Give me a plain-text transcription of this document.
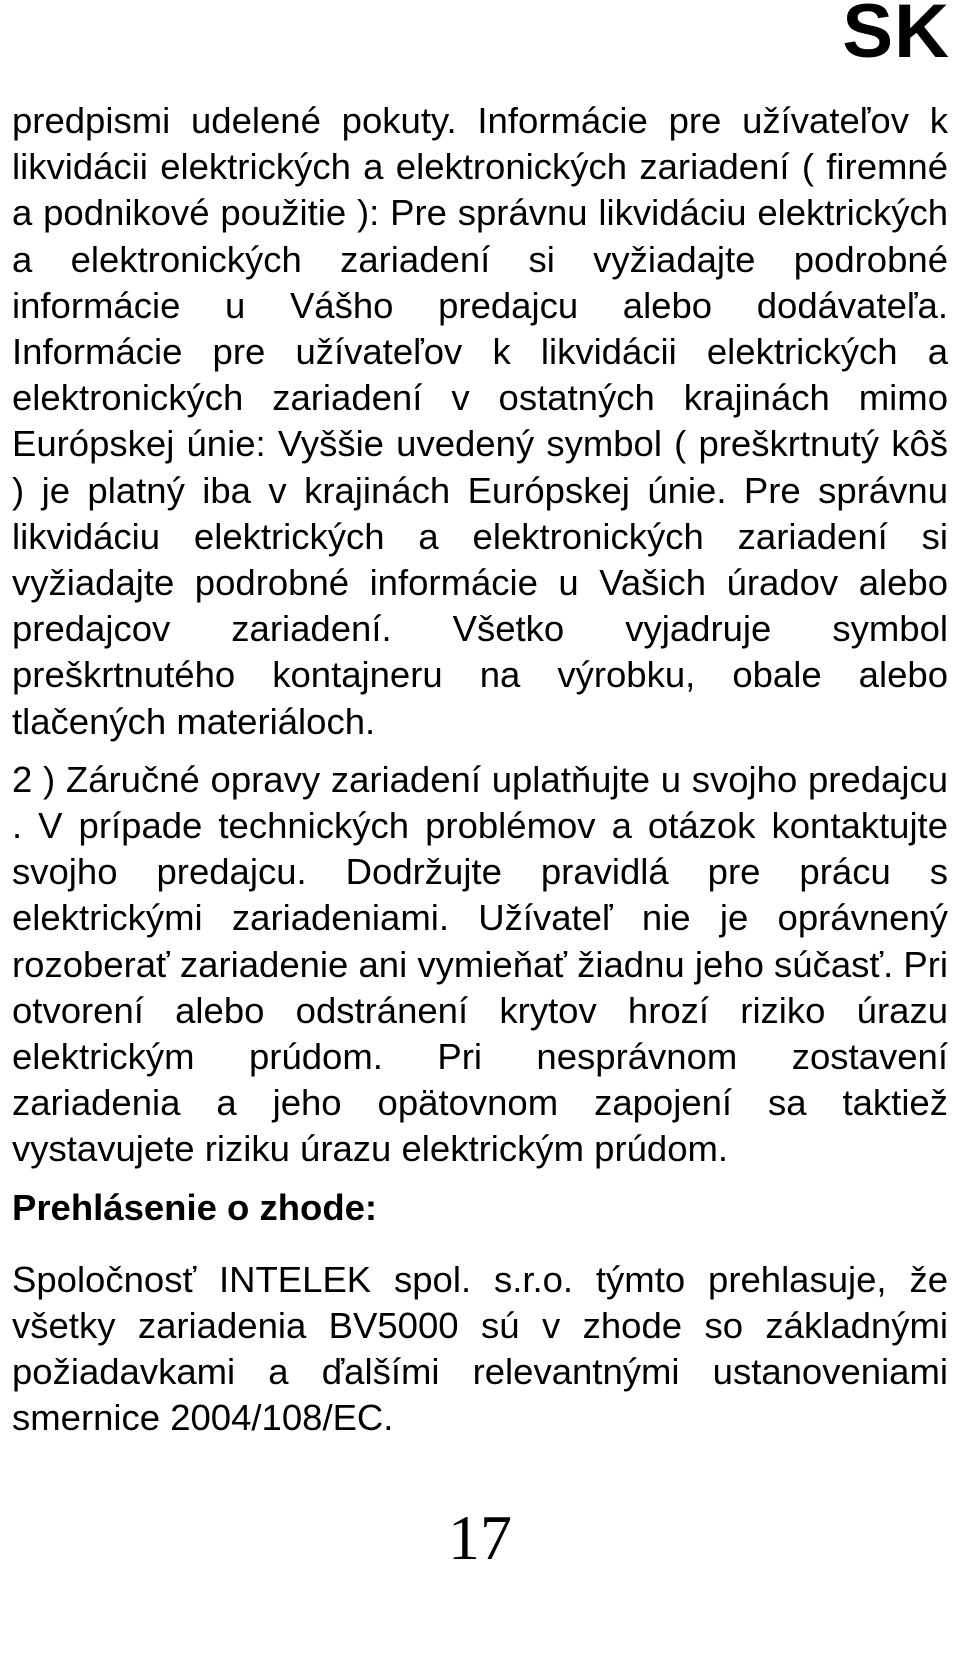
SK

predpismi udelené pokuty. Informácie pre užívateľov k likvidácii elektrických a elektronických zariadení ( firemné a podnikové použitie ): Pre správnu likvidáciu elektrických a elektronických zariadení si vyžiadajte podrobné informácie u Vášho predajcu alebo dodávateľa. Informácie pre užívateľov k likvidácii elektrických a elektronických zariadení v ostatných krajinách mimo Európskej únie: Vyššie uvedený symbol ( preškrtnutý kôš ) je platný iba v krajinách Európskej únie. Pre správnu likvidáciu elektrických a elektronických zariadení si vyžiadajte podrobné informácie u Vašich úradov alebo predajcov zariadení. Všetko vyjadruje symbol preškrtnutého kontajneru na výrobku, obale alebo tlačených materiáloch.

2 ) Záručné opravy zariadení uplatňujte u svojho predajcu . V prípade technických problémov a otázok kontaktujte svojho predajcu. Dodržujte pravidlá pre prácu s elektrickými zariadeniami. Užívateľ nie je oprávnený rozoberať zariadenie ani vymieňať žiadnu jeho súčasť. Pri otvorení alebo odstránení krytov hrozí riziko úrazu elektrickým prúdom. Pri nesprávnom zostavení zariadenia a jeho opätovnom zapojení sa taktiež vystavujete riziku úrazu elektrickým prúdom.

Prehlásenie o zhode:

Spoločnosť INTELEK spol. s.r.o. týmto prehlasuje, že všetky zariadenia BV5000 sú v zhode so základnými požiadavkami a ďalšími relevantnými ustanoveniami smernice 2004/108/EC.

17
